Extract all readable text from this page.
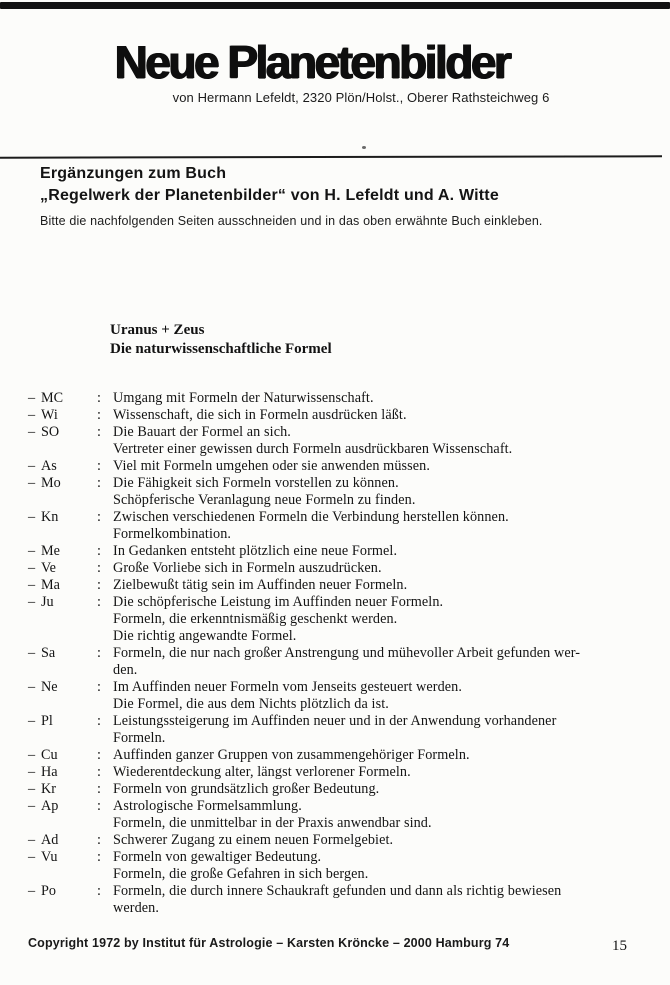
Neue Planetenbilder
von Hermann Lefeldt, 2320 Plön/Holst., Oberer Rathsteichweg 6
Ergänzungen zum Buch
„Regelwerk der Planetenbilder“ von H. Lefeldt und A. Witte
Bitte die nachfolgenden Seiten ausschneiden und in das oben erwähnte Buch einkleben.
Uranus + Zeus
Die naturwissenschaftliche Formel
– MC	: Umgang mit Formeln der Naturwissenschaft.
– Wi	: Wissenschaft, die sich in Formeln ausdrücken läßt.
– SO	: Die Bauart der Formel an sich.
Vertreter einer gewissen durch Formeln ausdrückbaren Wissenschaft.
– As	: Viel mit Formeln umgehen oder sie anwenden müssen.
– Mo	: Die Fähigkeit sich Formeln vorstellen zu können.
Schöpferische Veranlagung neue Formeln zu finden.
– Kn	: Zwischen verschiedenen Formeln die Verbindung herstellen können.
Formelkombination.
– Me	: In Gedanken entsteht plötzlich eine neue Formel.
– Ve	: Große Vorliebe sich in Formeln auszudrücken.
– Ma	: Zielbewußt tätig sein im Auffinden neuer Formeln.
– Ju	: Die schöpferische Leistung im Auffinden neuer Formeln.
Formeln, die erkenntnismäßig geschenkt werden.
Die richtig angewandte Formel.
– Sa	: Formeln, die nur nach großer Anstrengung und mühevoller Arbeit gefunden wer-
den.
– Ne	: Im Auffinden neuer Formeln vom Jenseits gesteuert werden.
Die Formel, die aus dem Nichts plötzlich da ist.
– Pl	: Leistungssteigerung im Auffinden neuer und in der Anwendung vorhandener
Formeln.
– Cu	: Auffinden ganzer Gruppen von zusammengehöriger Formeln.
– Ha	: Wiederentdeckung alter, längst verlorener Formeln.
– Kr	: Formeln von grundsätzlich großer Bedeutung.
– Ap	: Astrologische Formelsammlung.
Formeln, die unmittelbar in der Praxis anwendbar sind.
– Ad	: Schwerer Zugang zu einem neuen Formelgebiet.
– Vu	: Formeln von gewaltiger Bedeutung.
Formeln, die große Gefahren in sich bergen.
– Po	: Formeln, die durch innere Schaukraft gefunden und dann als richtig bewiesen
werden.
Copyright 1972 by Institut für Astrologie – Karsten Kröncke – 2000 Hamburg 74	15
